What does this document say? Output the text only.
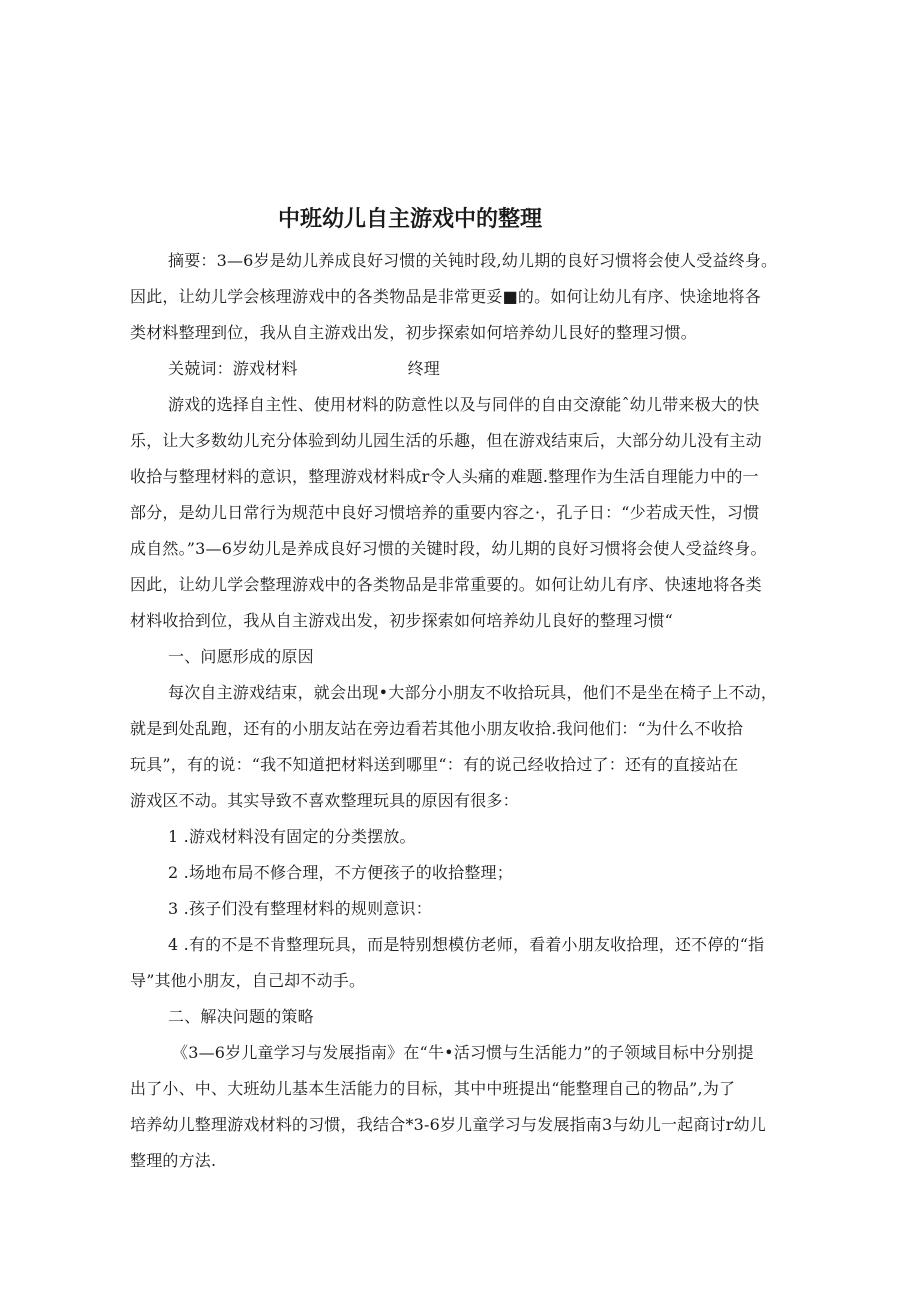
中班幼儿自主游戏中的整理
摘要：3—6岁是幼儿养成良好习惯的关钝时段,幼儿期的良好习惯将会使人受益终身。
因此，让幼儿学会核理游戏中的各类物品是非常更妥■的。如何让幼儿有序、快途地将各
类材料整理到位，我从自主游戏出发，初步探索如何培养幼儿艮好的整理习惯。
关兢词：游戏材料	终理
游戏的选择自主性、使用材料的防意性以及与同伴的自由交潦能ˆ幼儿带来极大的快
乐，让大多数幼儿充分体验到幼儿园生活的乐趣，但在游戏结束后，大部分幼儿没有主动
收拾与整理材料的意识，整理游戏材料成r令人头痛的难题.整理作为生活自理能力中的一
部分，是幼儿日常行为规范中良好习惯培养的重要内容之·，孔子日：“少若成天性，习惯
成自然。”3—6岁幼儿是养成良好习惯的关键时段，幼儿期的良好习惯将会使人受益终身。
因此，让幼儿学会整理游戏中的各类物品是非常重要的。如何让幼儿有序、快速地将各类
材料收拾到位，我从自主游戏出发，初步探索如何培养幼儿良好的整理习惯“
一、问愿形成的原因
每次自主游戏结束，就会出现•大部分小朋友不收拾玩具，他们不是坐在椅子上不动，
就是到处乱跑，还有的小朋友站在旁边看若其他小朋友收拾.我问他们：“为什么不收拾
玩具”，有的说：“我不知道把材料送到哪里“：有的说己经收拾过了：还有的直接站在
游戏区不动。其实导致不喜欢整理玩具的原因有很多：
1 .游戏材料没有固定的分类摆放。
2 .场地布局不修合理，不方便孩子的收拾整理；
3 .孩子们没有整理材料的规则意识：
4 .有的不是不肯整理玩具，而是特别想模仿老师，看着小朋友收拾理，还不停的“指
导”其他小朋友，自己却不动手。
二、解决问题的策略
《3—6岁儿童学习与发展指南》在“牛•活习惯与生活能力”的子领域目标中分别提
出了小、中、大班幼儿基本生活能力的目标，其中中班提出“能整理自己的物品”,为了
培养幼儿整理游戏材料的习惯，我结合*3-6岁儿童学习与发展指南3与幼儿一起商讨r幼儿
整理的方法.
